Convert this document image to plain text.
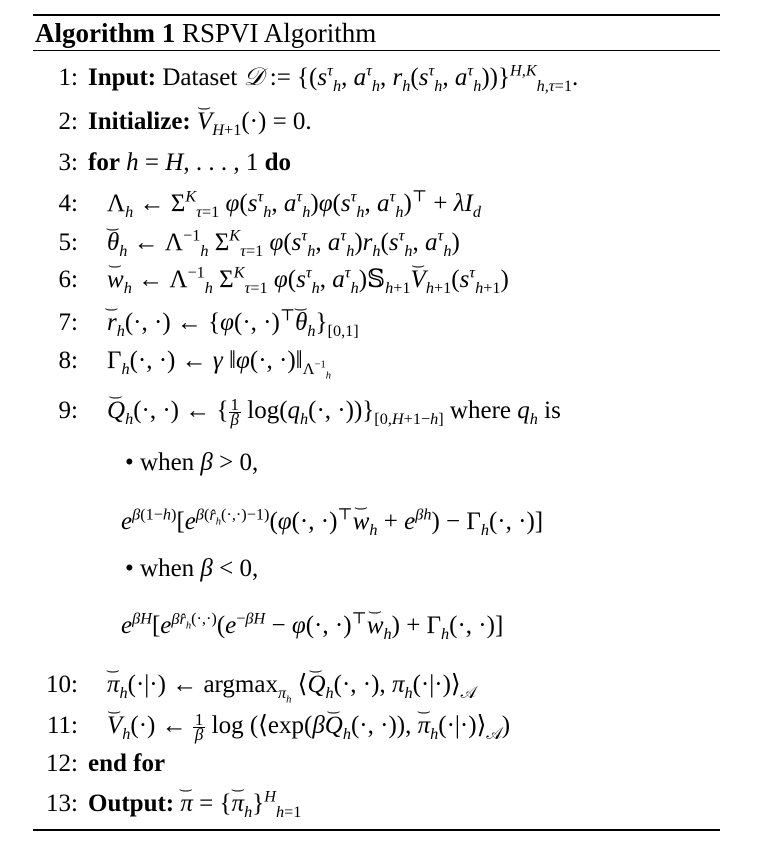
Algorithm 1 RSPVI Algorithm
1: Input: Dataset 𝒟 := {($s^\tau_h$, $a^\tau_h$, $r_h(s^\tau_h$, $a^\tau_h))\}^{H,K}_{h,\tau=1}$.
2: Initialize: ⌢ $V_{H+1}(\cdot) = 0$.
3: for h = H, . . . , 1 do
4: $\Lambda_h$ ← $\Sigma^K_{\tau=1}$ $\varphi(s^\tau_h$, $a^\tau_h)\varphi(s^\tau_h$, $a^\tau_h)^⊤ + \lambda I_d$
5: ⌢ $\theta_h$ ← $\Lambda^{-1}_h$ $\Sigma^K_{\tau=1}$ $\varphi(s^\tau_h$, $a^\tau_h)r_h(s^\tau_h$, $a^\tau_h$)
6: ⌢ $w_h$ ← $\Lambda^{-1}_h$ $\Sigma^K_{\tau=1}$ $\varphi(s^\tau_h$, $a^\tau_h)𝕊_{h+1}⌢$ $V_{h+1}(s^\tau_{h+1})$
7: ⌢ $r_h(\cdot$, ·) ← {φ(·, ·)⊤⌢ $\theta_h\}_{[0,1]}$
8: $\Gamma_h(\cdot$, ·) ← γ ‖φ(·, $\cdot)‖_{\Lambda^{-1}_h}$
9: ⌢ $Q_h(\cdot$, ·) ← { $\frac{1}{\beta} \log(q_h(\cdot$, $\cdot))\}_{[0,H+1-h]}$ where $q_h$ is
• when β > 0,
$e^{\beta(1-h)}[e^{\beta(r̂_h(\cdot,\cdot)-1)}(\varphi(\cdot$, ·)⊤⌢ $w_h + e^{\beta h}) - \Gamma_h(\cdot$, ·)]
• when β < 0,
$e^{\beta H}[e^{\beta r̂_h(\cdot,\cdot)}(e^{-\beta H} - \varphi(\cdot$, ·)⊤⌢ $w_h) + \Gamma_h(\cdot$, ·)]
10: ⌢ $\pi_h(\cdot|\cdot)$ ← argmax$_{\pi_h}$ ⟨⌢ $Q_h(\cdot$, ·), $\pi_h(\cdot|\cdot)⟩_𝒜$
11: ⌢ $V_h(\cdot)$ ← $\frac{1}{\beta}$ log (⟨exp(β⌢ $Q_h(\cdot$, ·)), ⌢ $\pi_h(\cdot|\cdot)⟩_𝒜$)
12: end for
13: Output: ⌢ π = {⌢ $\pi_h\}^H_{h=1}$
